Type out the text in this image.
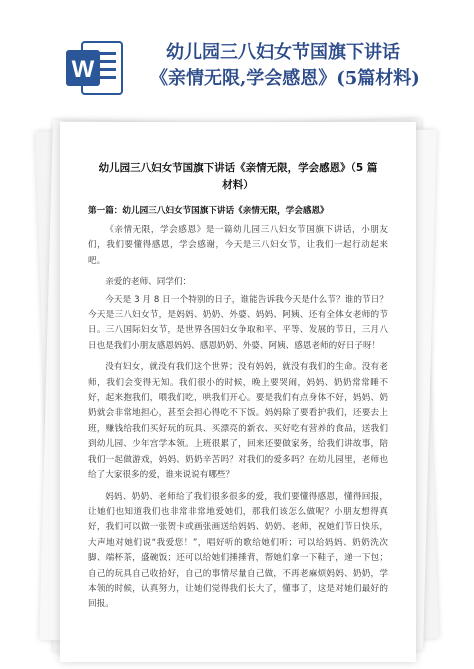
W
幼儿园三八妇女节国旗下讲话
《亲情无限,学会感恩》(5篇材料)
幼儿园三八妇女节国旗下讲话《亲情无限，学会感恩》（5 篇
材料）
第一篇：幼儿园三八妇女节国旗下讲话《亲情无限，学会感恩》

《亲情无限，学会感恩》是一篇幼儿园三八妇女节国旗下讲话，小朋友们，我们要懂得感恩，学会感谢，今天是三八妇女节，让我们一起行动起来吧。

亲爱的老师、同学们：

今天是 3 月 8 日一个特别的日子，谁能告诉我今天是什么节？谁的节日？今天是三八妇女节，是妈妈、奶奶、外婆、妈妈、阿姨、还有全体女老师的节日。三八国际妇女节，是世界各国妇女争取和平、平等、发展的节日，三月八日也是我们小朋友感恩妈妈、感恩奶奶、外婆、阿姨、感恩老师的好日子呀！

没有妇女，就没有我们这个世界；没有妈妈，就没有我们的生命。没有老师，我们会变得无知。我们很小的时候，晚上要哭闹，妈妈、奶奶常常睡不好，起来抱我们，喂我们吃，哄我们开心。要是我们有点身体不好，妈妈、奶奶就会非常地担心，甚至会担心得吃不下饭。妈妈除了要看护我们，还要去上班，赚钱给我们买好玩的玩具、买漂亮的新衣、买好吃有营养的食品，送我们到幼儿园、少年宫学本领。上班很累了，回来还要做家务，给我们讲故事，陪我们一起做游戏，妈妈、奶奶辛苦吗？对我们的爱多吗？在幼儿园里，老师也给了大家很多的爱，谁来说说有哪些？

妈妈、奶奶、老师给了我们很多很多的爱，我们要懂得感恩，懂得回报，让她们也知道我们也非常非常地爱她们，那我们该怎么做呢？小朋友想得真好，我们可以做一张贺卡或画张画送给妈妈、奶奶、老师，祝她们节日快乐，大声地对她们说“我爱您！”，唱好听的歌给她们听；可以给妈妈、奶奶洗次脚、端杯茶，盛碗饭；还可以给她们捶捶背，帮她们拿一下鞋子，递一下包；自己的玩具自己收拾好，自己的事情尽量自己做，不再老麻烦妈妈、奶奶，学本领的时候，认真努力，让她们觉得我们长大了，懂事了，这是对她们最好的回报。
